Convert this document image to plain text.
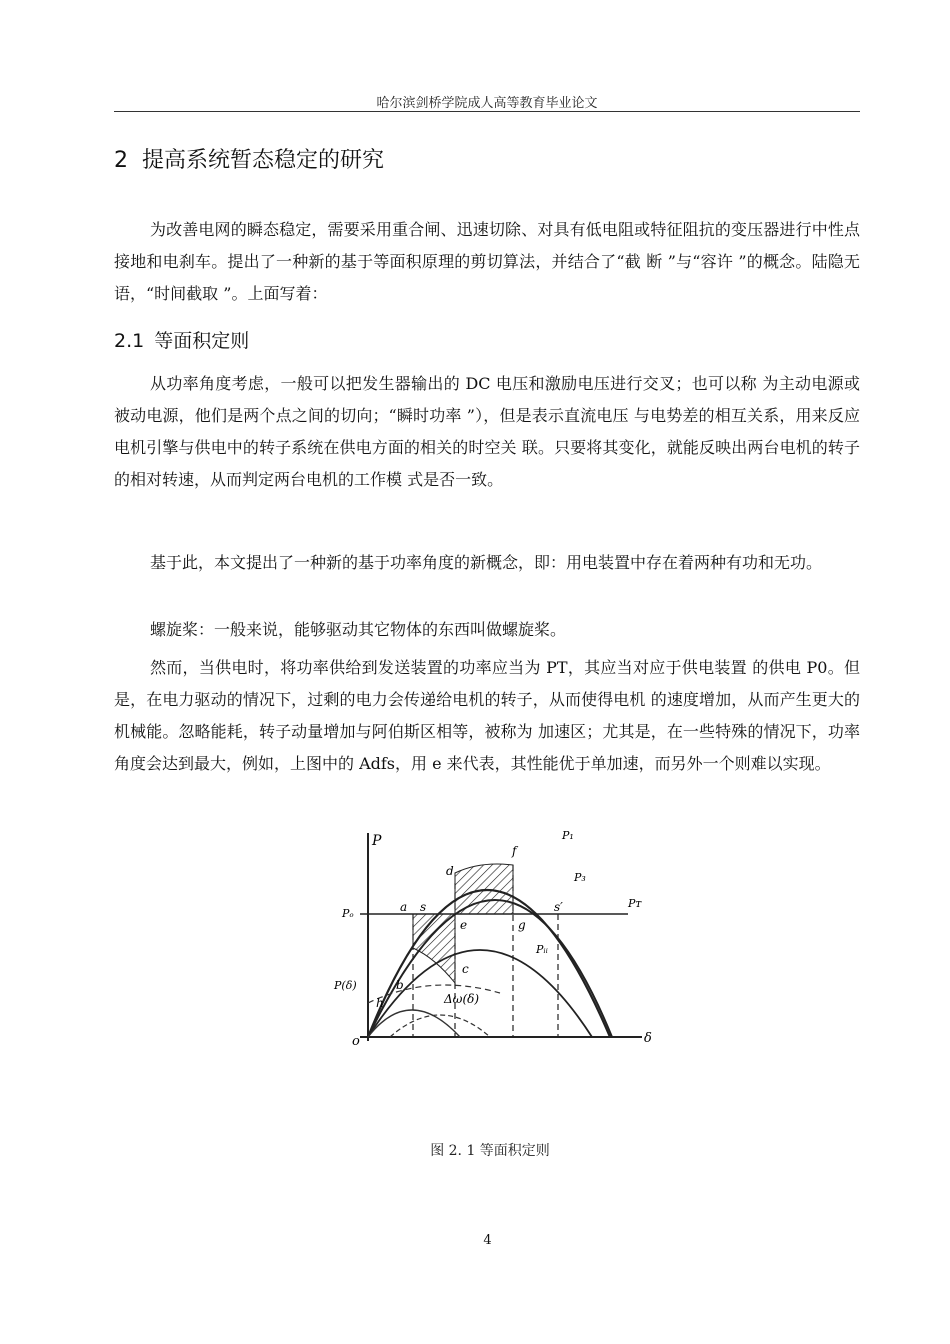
哈尔滨剑桥学院成人高等教育毕业论文
2 提高系统暂态稳定的研究

为改善电网的瞬态稳定，需要采用重合闸、迅速切除、对具有低电阻或特征阻抗的变压器进行中性点接地和电刹车。提出了一种新的基于等面积原理的剪切算法，并结合了“截 断 ”与“容许 ”的概念。陆隐无语，“时间截取 ”。上面写着：

2.1 等面积定则

从功率角度考虑，一般可以把发生器输出的 DC 电压和激励电压进行交叉；也可以称 为主动电源或被动电源，他们是两个点之间的切向；“瞬时功率 ”），但是表示直流电压 与电势差的相互关系，用来反应电机引擎与供电中的转子系统在供电方面的相关的时空关 联。只要将其变化，就能反映出两台电机的转子的相对转速，从而判定两台电机的工作模 式是否一致。

基于此，本文提出了一种新的基于功率角度的新概念，即：用电装置中存在着两种有功和无功。

螺旋桨：一般来说，能够驱动其它物体的东西叫做螺旋桨。

然而，当供电时，将功率供给到发送装置的功率应当为 PT，其应当对应于供电装置 的供电 P0。但是，在电力驱动的情况下，过剩的电力会传递给电机的转子，从而使得电机 的速度增加，从而产生更大的机械能。忽略能耗，转子动量增加与阿伯斯区相等，被称为 加速区；尤其是，在一些特殊的情况下，功率角度会达到最大，例如，上图中的 Adfs，用 e 来代表，其性能优于单加速，而另外一个则难以实现。

P
δ
o
P₁
P₃
Pᴛ
Pᵢᵢ
Pₒ
P(δ)
a s	s′
d
f
e	g
b
h
c
Δω(δ)
图 2. 1 等面积定则
4
